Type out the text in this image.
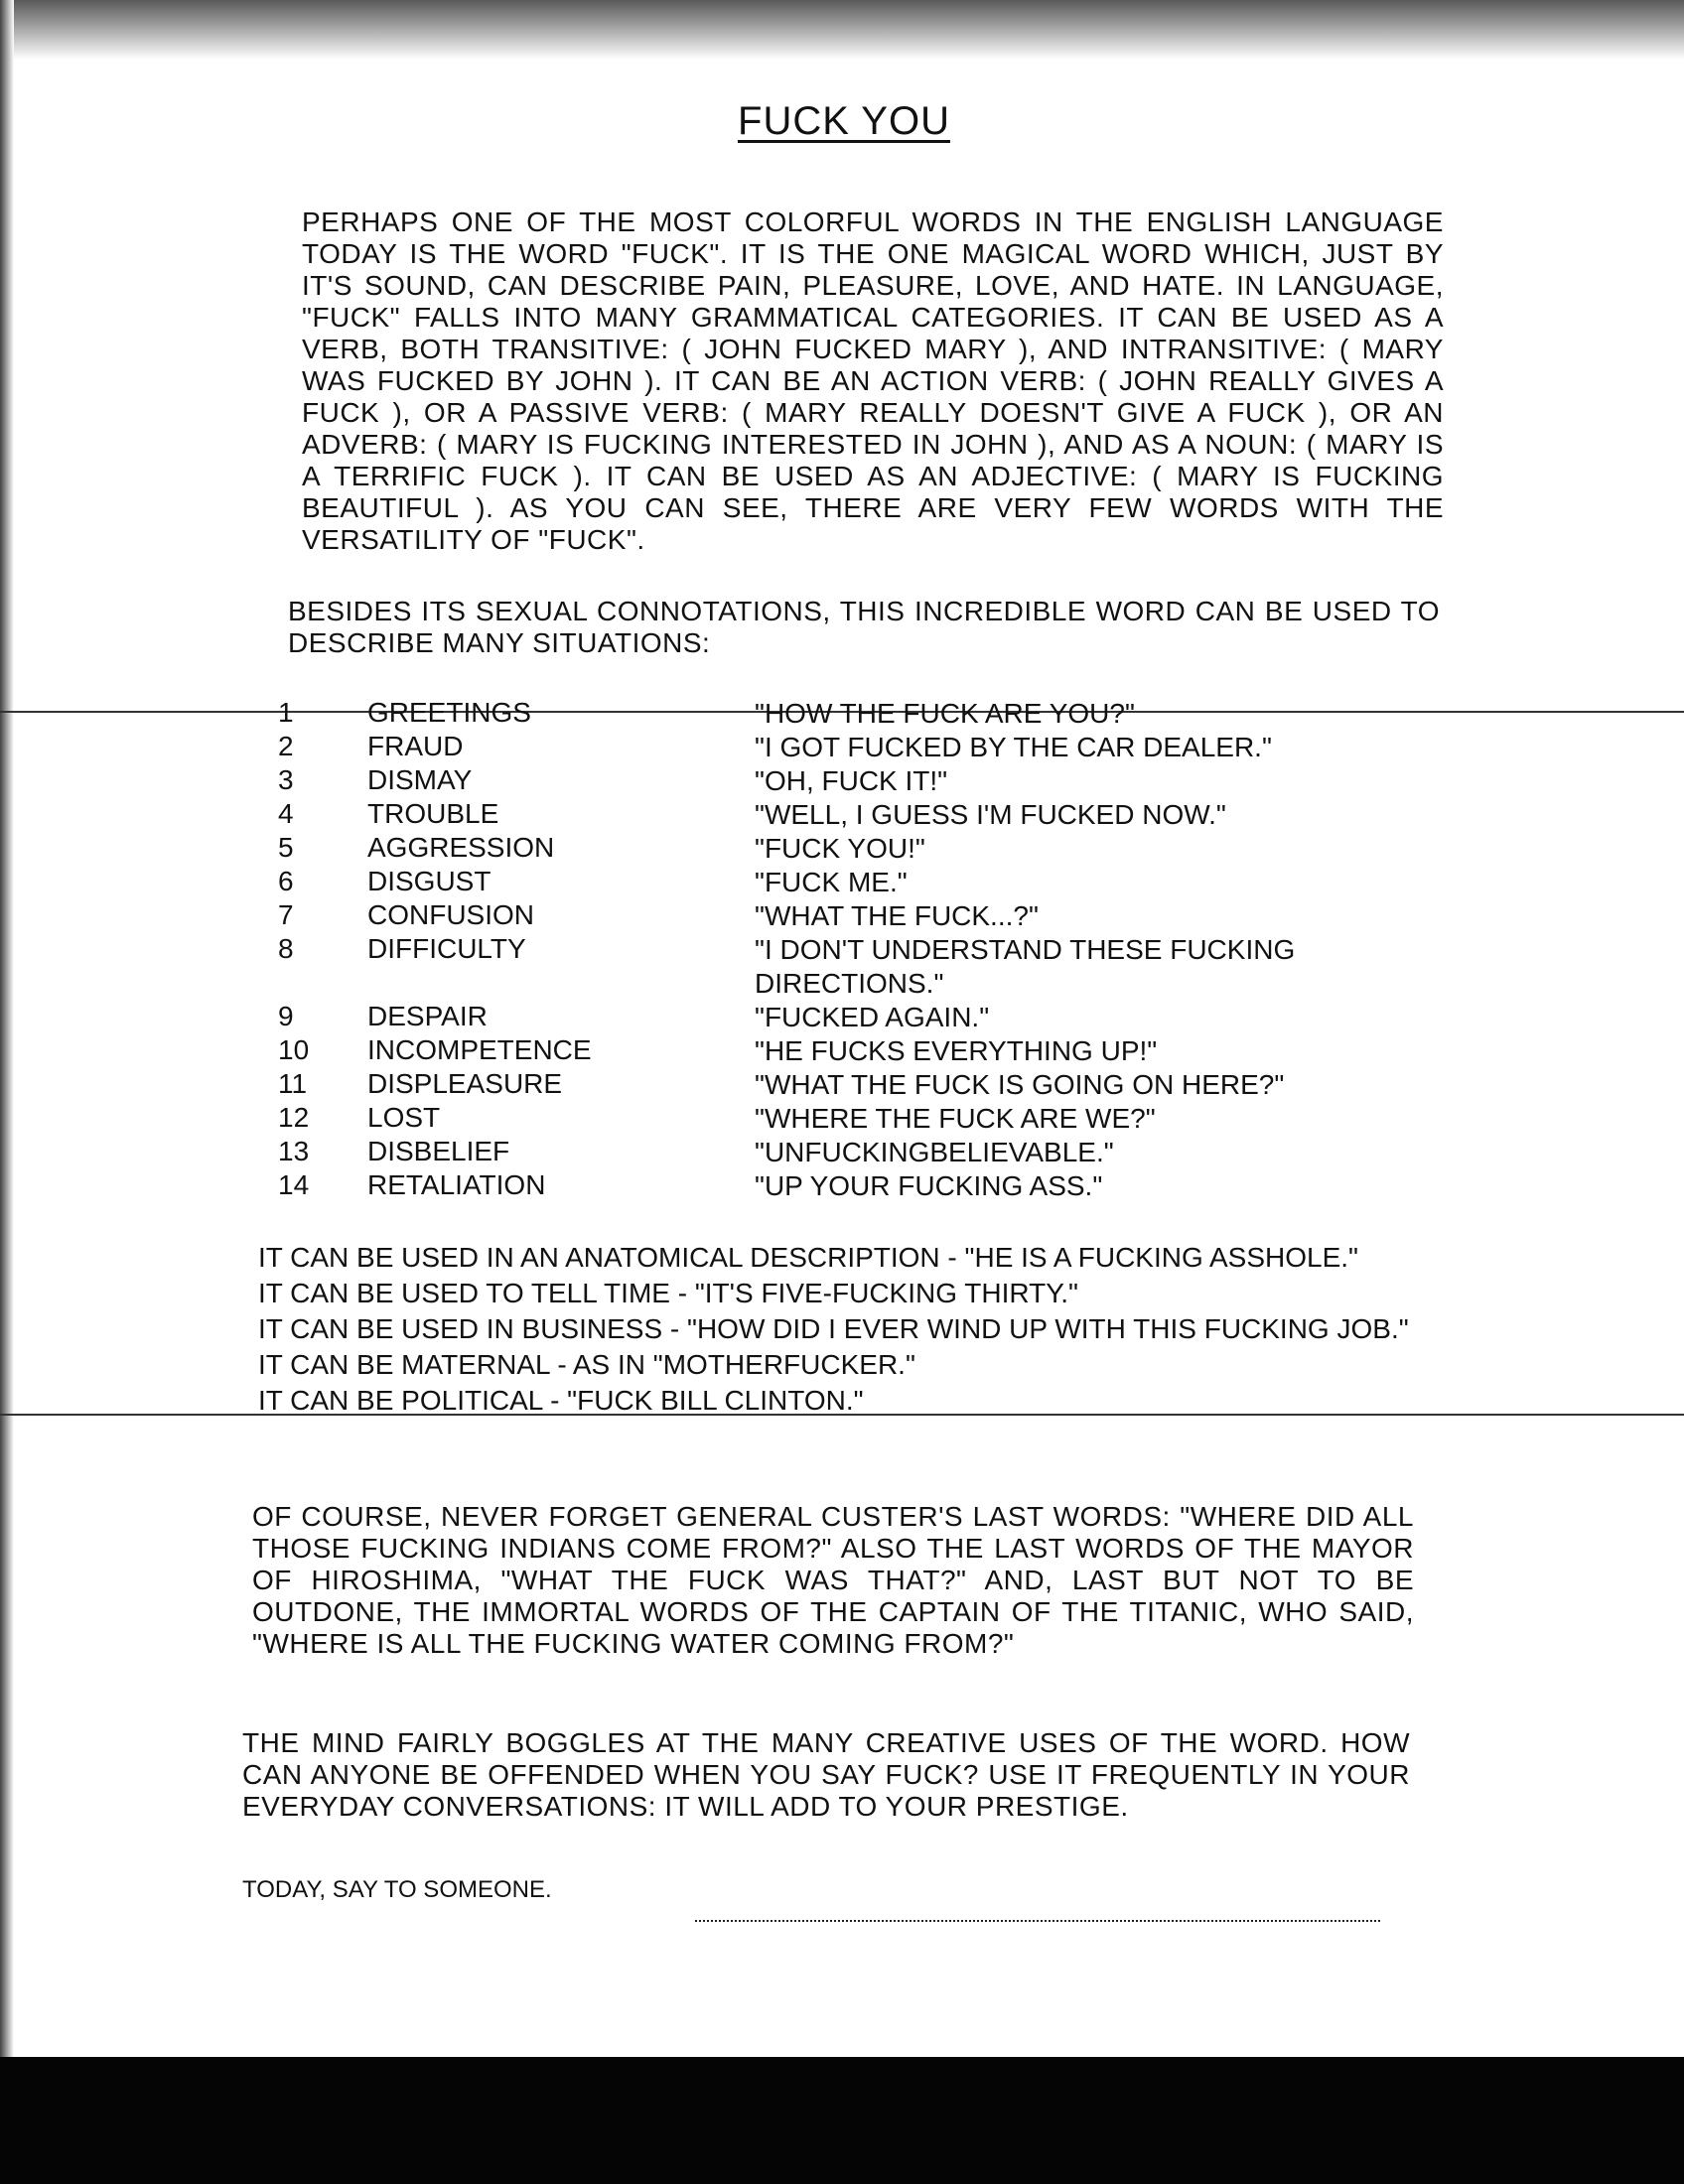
FUCK YOU

PERHAPS ONE OF THE MOST COLORFUL WORDS IN THE ENGLISH LANGUAGE TODAY IS THE WORD "FUCK". IT IS THE ONE MAGICAL WORD WHICH, JUST BY IT'S SOUND, CAN DESCRIBE PAIN, PLEASURE, LOVE, AND HATE. IN LANGUAGE, "FUCK" FALLS INTO MANY GRAMMATICAL CATEGORIES. IT CAN BE USED AS A VERB, BOTH TRANSITIVE: ( JOHN FUCKED MARY ), AND INTRANSITIVE: ( MARY WAS FUCKED BY JOHN ). IT CAN BE AN ACTION VERB: ( JOHN REALLY GIVES A FUCK ), OR A PASSIVE VERB: ( MARY REALLY DOESN'T GIVE A FUCK ), OR AN ADVERB: ( MARY IS FUCKING INTERESTED IN JOHN ), AND AS A NOUN: ( MARY IS A TERRIFIC FUCK ). IT CAN BE USED AS AN ADJECTIVE: ( MARY IS FUCKING BEAUTIFUL ). AS YOU CAN SEE, THERE ARE VERY FEW WORDS WITH THE VERSATILITY OF "FUCK".

BESIDES ITS SEXUAL CONNOTATIONS, THIS INCREDIBLE WORD CAN BE USED TO DESCRIBE MANY SITUATIONS:

1	GREETINGS	"HOW THE FUCK ARE YOU?"
2	FRAUD	"I GOT FUCKED BY THE CAR DEALER."
3	DISMAY	"OH, FUCK IT!"
4	TROUBLE	"WELL, I GUESS I'M FUCKED NOW."
5	AGGRESSION	"FUCK YOU!"
6	DISGUST	"FUCK ME."
7	CONFUSION	"WHAT THE FUCK...?"
8	DIFFICULTY	"I DON'T UNDERSTAND THESE FUCKING DIRECTIONS."
9	DESPAIR	"FUCKED AGAIN."
10	INCOMPETENCE	"HE FUCKS EVERYTHING UP!"
11	DISPLEASURE	"WHAT THE FUCK IS GOING ON HERE?"
12	LOST	"WHERE THE FUCK ARE WE?"
13	DISBELIEF	"UNFUCKINGBELIEVABLE."
14	RETALIATION	"UP YOUR FUCKING ASS."
IT CAN BE USED IN AN ANATOMICAL DESCRIPTION - "HE IS A FUCKING ASSHOLE."
IT CAN BE USED TO TELL TIME - "IT'S FIVE-FUCKING THIRTY."
IT CAN BE USED IN BUSINESS - "HOW DID I EVER WIND UP WITH THIS FUCKING JOB."
IT CAN BE MATERNAL - AS IN "MOTHERFUCKER."
IT CAN BE POLITICAL - "FUCK BILL CLINTON."

OF COURSE, NEVER FORGET GENERAL CUSTER'S LAST WORDS: "WHERE DID ALL THOSE FUCKING INDIANS COME FROM?" ALSO THE LAST WORDS OF THE MAYOR OF HIROSHIMA, "WHAT THE FUCK WAS THAT?" AND, LAST BUT NOT TO BE OUTDONE, THE IMMORTAL WORDS OF THE CAPTAIN OF THE TITANIC, WHO SAID, "WHERE IS ALL THE FUCKING WATER COMING FROM?"

THE MIND FAIRLY BOGGLES AT THE MANY CREATIVE USES OF THE WORD. HOW CAN ANYONE BE OFFENDED WHEN YOU SAY FUCK? USE IT FREQUENTLY IN YOUR EVERYDAY CONVERSATIONS: IT WILL ADD TO YOUR PRESTIGE.

TODAY, SAY TO SOMEONE.
